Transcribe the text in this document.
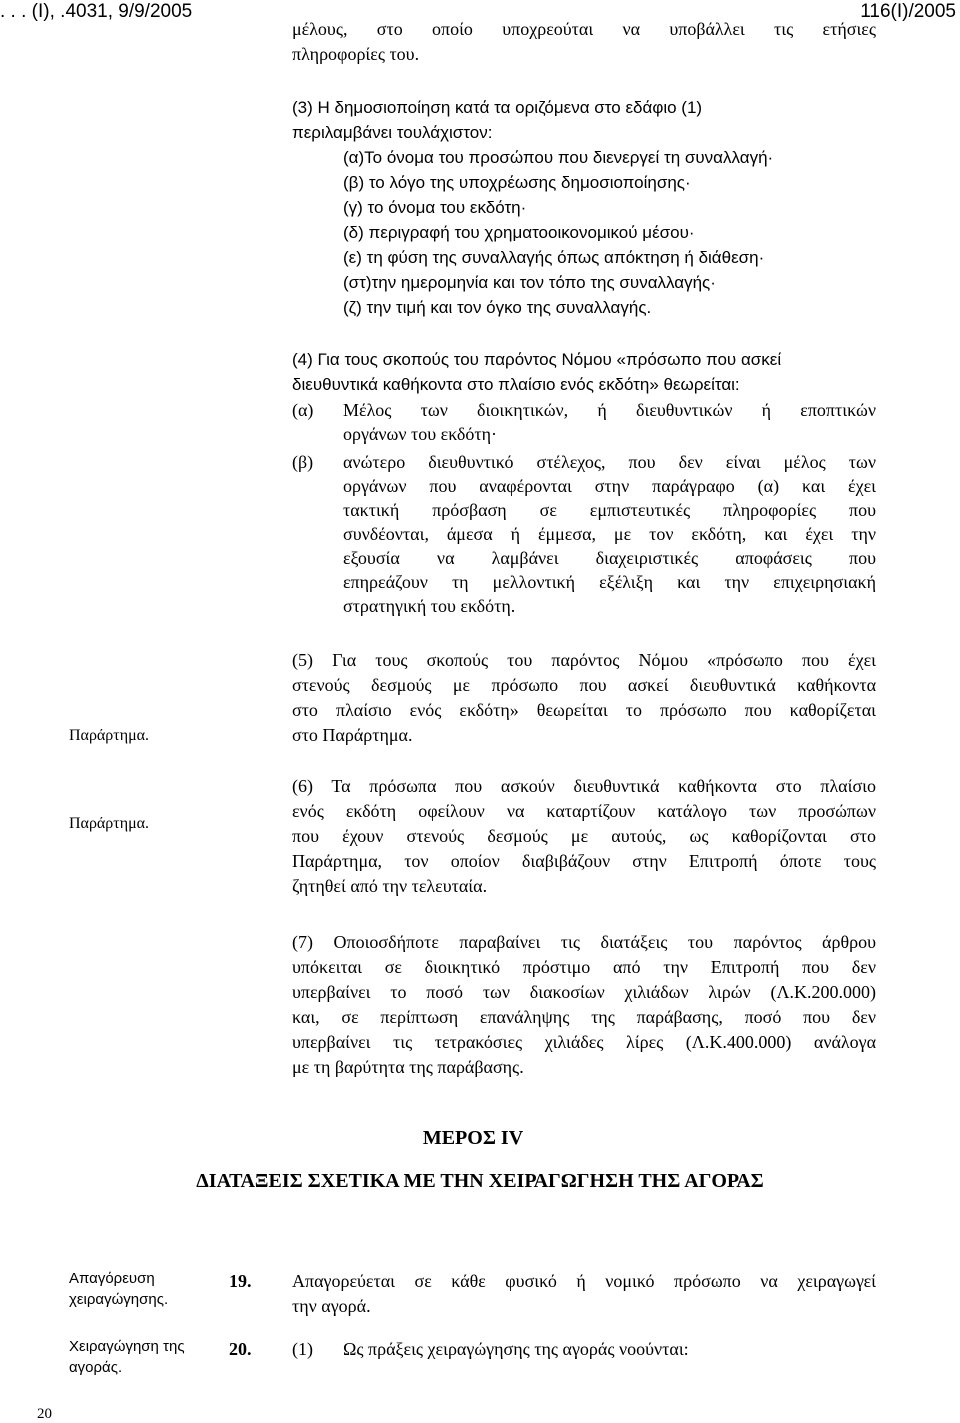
. . . (Ι), .4031, 9/9/2005	116(Ι)/2005
μέλους, στο οποίο υποχρεούται να υποβάλλει τις ετήσιες
πληροφορίες του.
(3) Η δημοσιοποίηση κατά τα οριζόμενα στο εδάφιο (1)
περιλαμβάνει τουλάχιστον:
(α)Το όνομα του προσώπου που διενεργεί τη συναλλαγή·
(β) το λόγο της υποχρέωσης δημοσιοποίησης·
(γ) το όνομα του εκδότη·
(δ) περιγραφή του χρηματοοικονομικού μέσου·
(ε) τη φύση της συναλλαγής όπως απόκτηση ή διάθεση·
(στ)την ημερομηνία και τον τόπο της συναλλαγής·
(ζ) την τιμή και τον όγκο της συναλλαγής.
(4) Για τους σκοπούς του παρόντος Νόμου «πρόσωπο που ασκεί
διευθυντικά καθήκοντα στο πλαίσιο ενός εκδότη» θεωρείται:
(α) Μέλος των διοικητικών, ή διευθυντικών ή εποπτικών
οργάνων του εκδότη·
(β) ανώτερο διευθυντικό στέλεχος, που δεν είναι μέλος των
οργάνων που αναφέρονται στην παράγραφο (α) και έχει
τακτική πρόσβαση σε εμπιστευτικές πληροφορίες που
συνδέονται, άμεσα ή έμμεσα, με τον εκδότη, και έχει την
εξουσία να λαμβάνει διαχειριστικές αποφάσεις που
επηρεάζουν τη μελλοντική εξέλιξη και την επιχειρησιακή
στρατηγική του εκδότη.
Παράρτημα.
(5) Για τους σκοπούς του παρόντος Νόμου «πρόσωπο που έχει
στενούς δεσμούς με πρόσωπο που ασκεί διευθυντικά καθήκοντα
στο πλαίσιο ενός εκδότη» θεωρείται το πρόσωπο που καθορίζεται
στο Παράρτημα.
Παράρτημα.
(6) Τα πρόσωπα που ασκούν διευθυντικά καθήκοντα στο πλαίσιο
ενός εκδότη οφείλουν να καταρτίζουν κατάλογο των προσώπων
που έχουν στενούς δεσμούς με αυτούς, ως καθορίζονται στο
Παράρτημα, τον οποίον διαβιβάζουν στην Επιτροπή όποτε τους
ζητηθεί από την τελευταία.
(7) Οποιοσδήποτε παραβαίνει τις διατάξεις του παρόντος άρθρου
υπόκειται σε διοικητικό πρόστιμο από την Επιτροπή που δεν
υπερβαίνει το ποσό των διακοσίων χιλιάδων λιρών (Λ.Κ.200.000)
και, σε περίπτωση επανάληψης της παράβασης, ποσό που δεν
υπερβαίνει τις τετρακόσιες χιλιάδες λίρες (Λ.Κ.400.000) ανάλογα
με τη βαρύτητα της παράβασης.
ΜΕΡΟΣ IV
ΔΙΑΤΑΞΕΙΣ ΣΧΕΤΙΚΑ ΜΕ ΤΗΝ ΧΕΙΡΑΓΩΓΗΣΗ ΤΗΣ ΑΓΟΡΑΣ
Απαγόρευση
χειραγώγησης.
19. Απαγορεύεται σε κάθε φυσικό ή νομικό πρόσωπο να χειραγωγεί
την αγορά.
Χειραγώγηση της
αγοράς.
20. (1) Ως πράξεις χειραγώγησης της αγοράς νοούνται:
20
